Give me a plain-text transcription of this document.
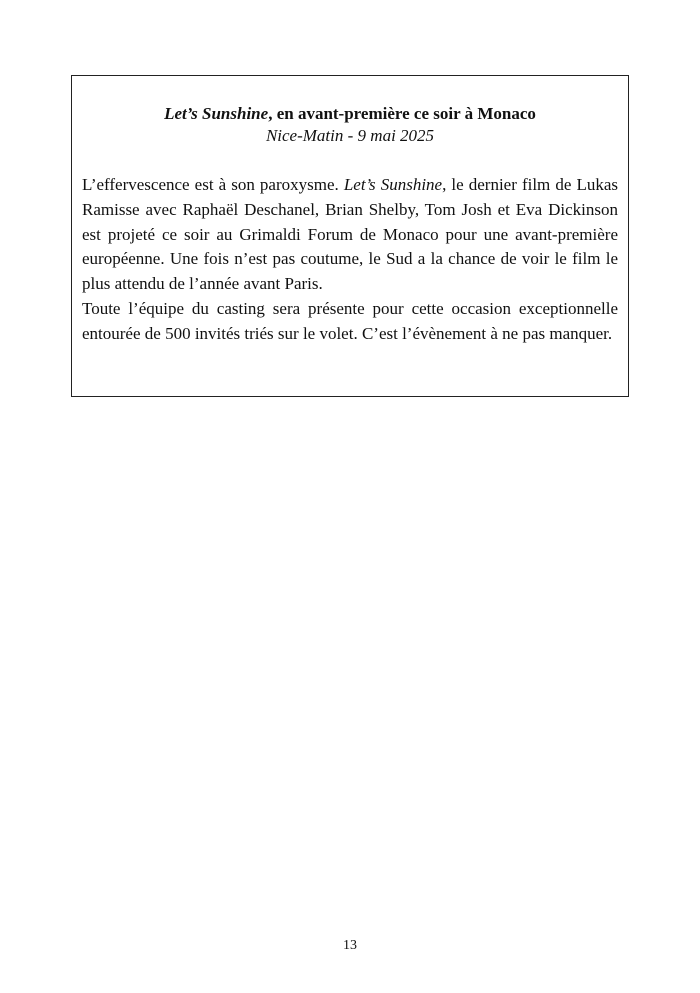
Let’s Sunshine, en avant-première ce soir à Monaco
Nice-Matin - 9 mai 2025

L’effervescence est à son paroxysme. Let’s Sunshine, le dernier film de Lukas Ramisse avec Raphaël Deschanel, Brian Shelby, Tom Josh et Eva Dickinson est projeté ce soir au Grimaldi Forum de Monaco pour une avant-première européenne. Une fois n’est pas coutume, le Sud a la chance de voir le film le plus attendu de l’année avant Paris.

Toute l’équipe du casting sera présente pour cette occasion exceptionnelle entourée de 500 invités triés sur le volet. C’est l’évènement à ne pas manquer.

13
